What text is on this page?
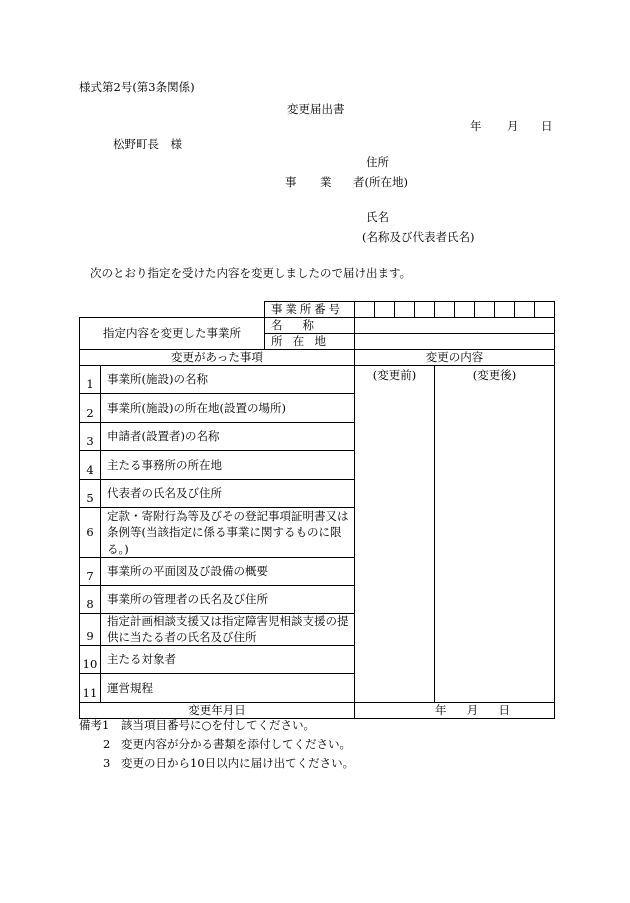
様式第2号(第3条関係)
変更届出書
年 月 日
松野町長　様
住所
事 業 者(所在地)
氏名
(名称及び代表者氏名)
次のとおり指定を受けた内容を変更しましたので届け出ます。

		事 業 所 番 号										

指定内容を変更した事業所		名 称										

		所 在 地										

変更があった事項			変更の内容									
1	事業所(施設)の名称		(変更前)				(変更後)					
2	事業所(施設)の所在地(設置の場所)											
3	申請者(設置者)の名称											
4	主たる事務所の所在地											
5	代表者の氏名及び住所											
6	定款・寄附行為等及びその登記事項証明書又は条例等(当該指定に係る事業に関するものに限る。)											
7	事業所の平面図及び設備の概要											
8	事業所の管理者の氏名及び住所											
9	指定計画相談支援又は指定障害児相談支援の提供に当たる者の氏名及び住所											
10	主たる対象者											
11	運営規程											
変更年月日			年 月 日									
備考1 該当項目番号に○を付してください。
2 変更内容が分かる書類を添付してください。
3 変更の日から10日以内に届け出てください。
